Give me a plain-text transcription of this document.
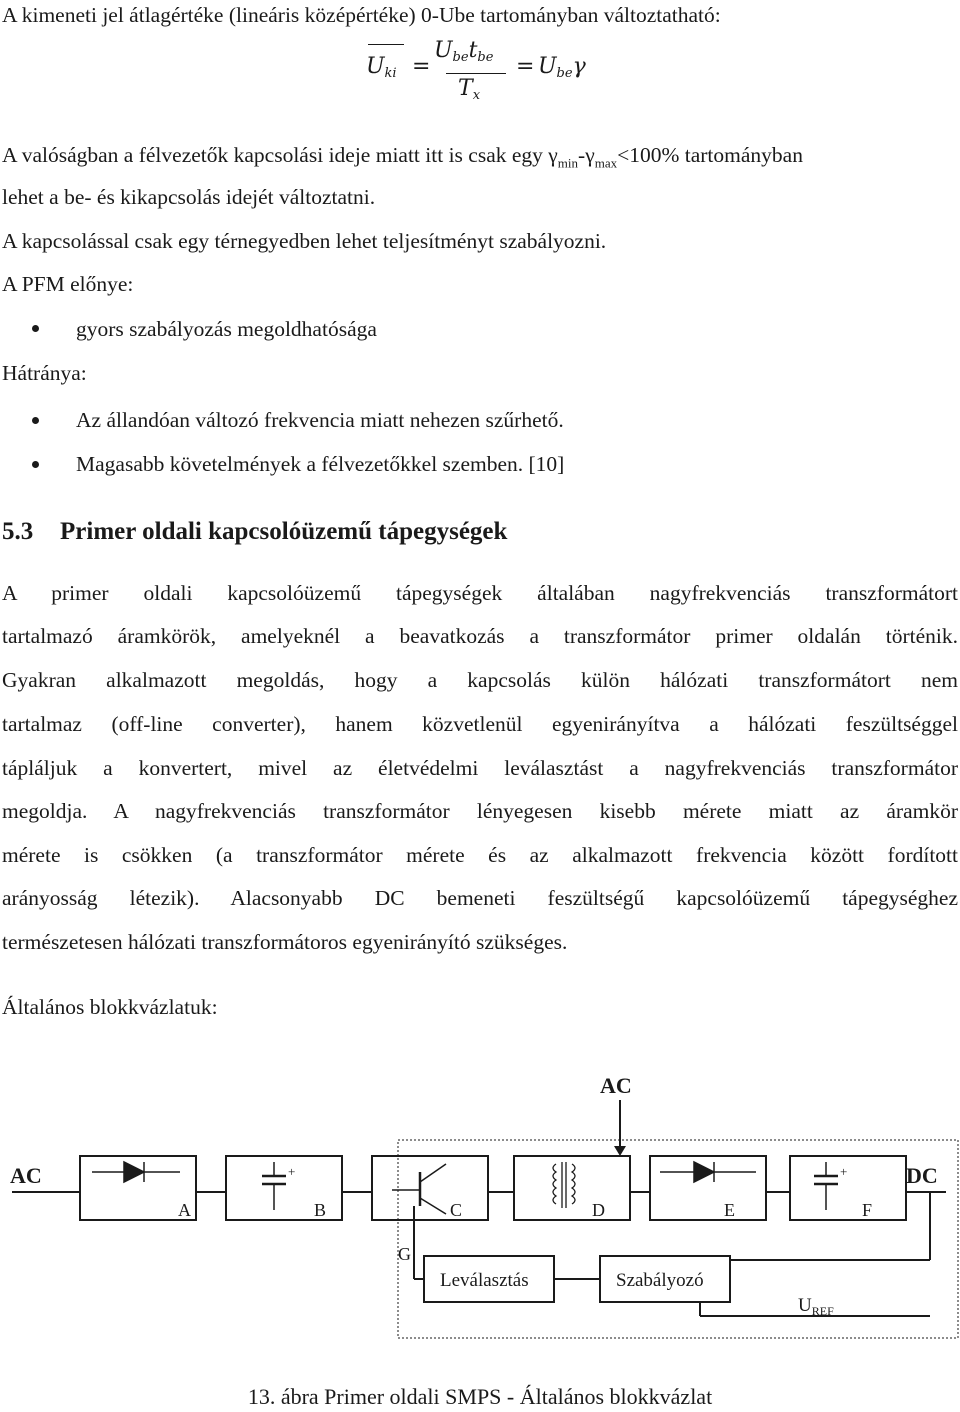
A kimeneti jel átlagértéke (lineáris középértéke) 0-Ube tartományban változtatható:
$U_{ki}$ =
$U_{be}t_{be}$
$T_x$
= $U_{be}\gamma$
A valóságban a félvezetők kapcsolási ideje miatt itt is csak egy $\gamma_{min}-\gamma_{max}<100\%$ tartományban
lehet a be- és kikapcsolás idejét változtatni.
A kapcsolással csak egy térnegyedben lehet teljesítményt szabályozni.
A PFM előnye:
gyors szabályozás megoldhatósága
Hátránya:
Az állandóan változó frekvencia miatt nehezen szűrhető.
Magasabb követelmények a félvezetőkkel szemben. [10]
5.3 Primer oldali kapcsolóüzemű tápegységek
A primer oldali kapcsolóüzemű tápegységek általában nagyfrekvenciás transzformátort
tartalmazó áramkörök, amelyeknél a beavatkozás a transzformátor primer oldalán történik.
Gyakran alkalmazott megoldás, hogy a kapcsolás külön hálózati transzformátort nem
tartalmaz (off-line converter), hanem közvetlenül egyenirányítva a hálózati feszültséggel
tápláljuk a konvertert, mivel az életvédelmi leválasztást a nagyfrekvenciás transzformátor
megoldja. A nagyfrekvenciás transzformátor lényegesen kisebb mérete miatt az áramkör
mérete is csökken (a transzformátor mérete és az alkalmazott frekvencia között fordított
arányosság létezik). Alacsonyabb DC bemeneti feszültségű kapcsolóüzemű tápegységhez
természetesen hálózati transzformátoros egyenirányító szükséges.
Általános blokkvázlatuk:
AC
AC	DC
A
+
B	C	D	E
+
F
Leválasztás	Szabályozó
G
$U_{REF}$
13. ábra Primer oldali SMPS - Általános blokkvázlat
